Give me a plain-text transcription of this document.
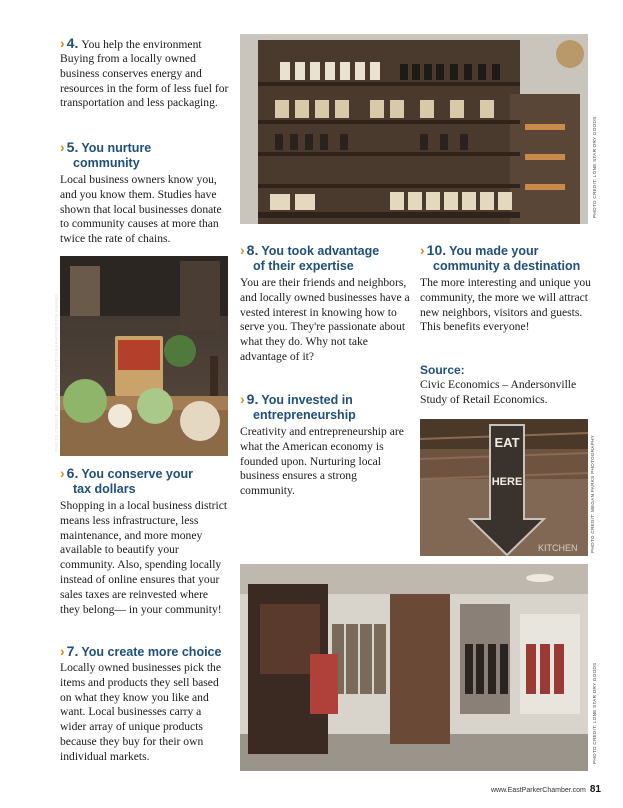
› 4. You help the environment
Buying from a locally owned business conserves energy and resources in the form of less fuel for transportation and less packaging.
› 5. You nurture
community
Local business owners know you, and you know them. Studies have shown that local businesses donate to community causes at more than twice the rate of chains.
PHOTO CREDIT: MEGAN PARKS PHOTOGRAPHY/DESTIN AWARD
› 6. You conserve your
tax dollars
Shopping in a local business district means less infrastructure, less maintenance, and more money available to beautify your community. Also, spending locally instead of online ensures that your sales taxes are reinvested where they belong— in your community!
› 7. You create more choice
Locally owned businesses pick the items and products they sell based on what they know you like and want. Local businesses carry a wider array of unique products because they buy for their own individual markets.
PHOTO CREDIT: LONE STAR DRY GOODS
› 8. You took advantage
of their expertise
You are their friends and neighbors, and locally owned businesses have a vested interest in knowing how to serve you. They're passionate about what they do. Why not take advantage of it?
› 9. You invested in
entrepreneurship
Creativity and entrepreneurship are what the American economy is founded upon. Nurturing local business ensures a strong community.
› 10. You made your
community a destination
The more interesting and unique you community, the more we will attract new neighbors, visitors and guests. This benefits everyone!
Source:
Civic Economics – Andersonville Study of Retail Economics.
EAT
HERE
KITCHEN	PHOTO CREDIT: MEGAN PARKS PHOTOGRAPHY
PHOTO CREDIT: LONE STAR DRY GOODS
www.EastParkerChamber.com 81
